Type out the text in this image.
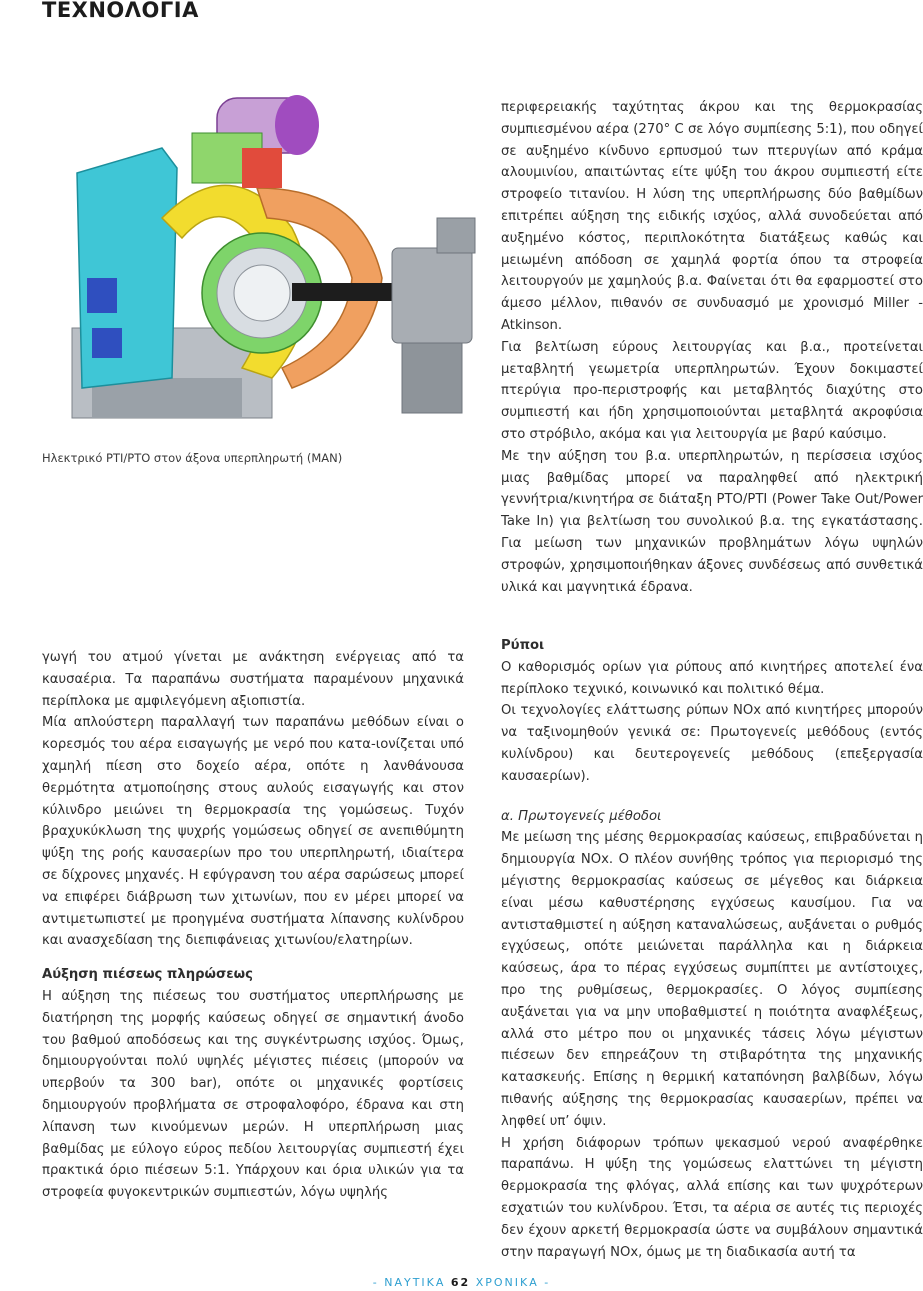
ΤΕΧΝΟΛΟΓΙΑ
Ηλεκτρικό PTI/PTO στον άξονα υπερπληρωτή (MAN)

περιφερειακής ταχύτητας άκρου και της θερμοκρασίας συμπιεσμένου αέρα (270° C σε λόγο συμπίεσης 5:1), που οδηγεί σε αυξημένο κίνδυνο ερπυσμού των πτερυγίων από κράμα αλουμινίου, απαιτώντας είτε ψύξη του άκρου συμπιεστή είτε στροφείο τιτανίου. Η λύση της υπερπλήρωσης δύο βαθμίδων επιτρέπει αύξηση της ειδικής ισχύος, αλλά συνοδεύεται από αυξημένο κόστος, περιπλοκότητα διατάξεως καθώς και μειωμένη απόδοση σε χαμηλά φορτία όπου τα στροφεία λειτουργούν με χαμηλούς β.α. Φαίνεται ότι θα εφαρμοστεί στο άμεσο μέλλον, πιθανόν σε συνδυασμό με χρονισμό Miller - Atkinson.

Για βελτίωση εύρους λειτουργίας και β.α., προτείνεται μεταβλητή γεωμετρία υπερπληρωτών. Έχουν δοκιμαστεί πτερύγια προ-περιστροφής και μεταβλητός διαχύτης στο συμπιεστή και ήδη χρησιμοποιούνται μεταβλητά ακροφύσια στο στρόβιλο, ακόμα και για λειτουργία με βαρύ καύσιμο.

Με την αύξηση του β.α. υπερπληρωτών, η περίσσεια ισχύος μιας βαθμίδας μπορεί να παραληφθεί από ηλεκτρική γεννήτρια/κινητήρα σε διάταξη PTO/PTI (Power Take Out/Power Take In) για βελτίωση του συνολικού β.α. της εγκατάστασης. Για μείωση των μηχανικών προβλημάτων λόγω υψηλών στροφών, χρησιμοποιήθηκαν άξονες συνδέσεως από συνθετικά υλικά και μαγνητικά έδρανα.

γωγή του ατμού γίνεται με ανάκτηση ενέργειας από τα καυσαέρια. Τα παραπάνω συστήματα παραμένουν μηχανικά περίπλοκα με αμφιλεγόμενη αξιοπιστία.

Μία απλούστερη παραλλαγή των παραπάνω μεθόδων είναι ο κορεσμός του αέρα εισαγωγής με νερό που κατα-ιονίζεται υπό χαμηλή πίεση στο δοχείο αέρα, οπότε η λανθάνουσα θερμότητα ατμοποίησης στους αυλούς εισαγωγής και στον κύλινδρο μειώνει τη θερμοκρασία της γομώσεως. Τυχόν βραχυκύκλωση της ψυχρής γομώσεως οδηγεί σε ανεπιθύμητη ψύξη της ροής καυσαερίων προ του υπερπληρωτή, ιδιαίτερα σε δίχρονες μηχανές. Η εφύγρανση του αέρα σαρώσεως μπορεί να επιφέρει διάβρωση των χιτωνίων, που εν μέρει μπορεί να αντιμετωπιστεί με προηγμένα συστήματα λίπανσης κυλίνδρου και ανασχεδίαση της διεπιφάνειας χιτωνίου/ελατηρίων.

Αύξηση πιέσεως πληρώσεως

Η αύξηση της πιέσεως του συστήματος υπερπλήρωσης με διατήρηση της μορφής καύσεως οδηγεί σε σημαντική άνοδο του βαθμού αποδόσεως και της συγκέντρωσης ισχύος. Όμως, δημιουργούνται πολύ υψηλές μέγιστες πιέσεις (μπορούν να υπερβούν τα 300 bar), οπότε οι μηχανικές φορτίσεις δημιουργούν προβλήματα σε στροφαλοφόρο, έδρανα και στη λίπανση των κινούμενων μερών. Η υπερπλήρωση μιας βαθμίδας με εύλογο εύρος πεδίου λειτουργίας συμπιεστή έχει πρακτικά όριο πιέσεων 5:1. Υπάρχουν και όρια υλικών για τα στροφεία φυγοκεντρικών συμπιεστών, λόγω υψηλής

Ρύποι

Ο καθορισμός ορίων για ρύπους από κινητήρες αποτελεί ένα περίπλοκο τεχνικό, κοινωνικό και πολιτικό θέμα.

Οι τεχνολογίες ελάττωσης ρύπων NOx από κινητήρες μπορούν να ταξινομηθούν γενικά σε: Πρωτογενείς μεθόδους (εντός κυλίνδρου) και δευτερογενείς μεθόδους (επεξεργασία καυσαερίων).

α. Πρωτογενείς μέθοδοι

Με μείωση της μέσης θερμοκρασίας καύσεως, επιβραδύνεται η δημιουργία NOx. Ο πλέον συνήθης τρόπος για περιορισμό της μέγιστης θερμοκρασίας καύσεως σε μέγεθος και διάρκεια είναι μέσω καθυστέρησης εγχύσεως καυσίμου. Για να αντισταθμιστεί η αύξηση καταναλώσεως, αυξάνεται ο ρυθμός εγχύσεως, οπότε μειώνεται παράλληλα και η διάρκεια καύσεως, άρα το πέρας εγχύσεως συμπίπτει με αντίστοιχες, προ της ρυθμίσεως, θερμοκρασίες. Ο λόγος συμπίεσης αυξάνεται για να μην υποβαθμιστεί η ποιότητα αναφλέξεως, αλλά στο μέτρο που οι μηχανικές τάσεις λόγω μέγιστων πιέσεων δεν επηρεάζουν τη στιβαρότητα της μηχανικής κατασκευής. Επίσης η θερμική καταπόνηση βαλβίδων, λόγω πιθανής αύξησης της θερμοκρασίας καυσαερίων, πρέπει να ληφθεί υπ’ όψιν.

Η χρήση διάφορων τρόπων ψεκασμού νερού αναφέρθηκε παραπάνω. Η ψύξη της γομώσεως ελαττώνει τη μέγιστη θερμοκρασία της φλόγας, αλλά επίσης και των ψυχρότερων εσχατιών του κυλίνδρου. Έτσι, τα αέρια σε αυτές τις περιοχές δεν έχουν αρκετή θερμοκρασία ώστε να συμβάλουν σημαντικά στην παραγωγή NOx, όμως με τη διαδικασία αυτή τα

- ΝΑΥΤΙΚΑ 62 ΧΡΟΝΙΚΑ -
